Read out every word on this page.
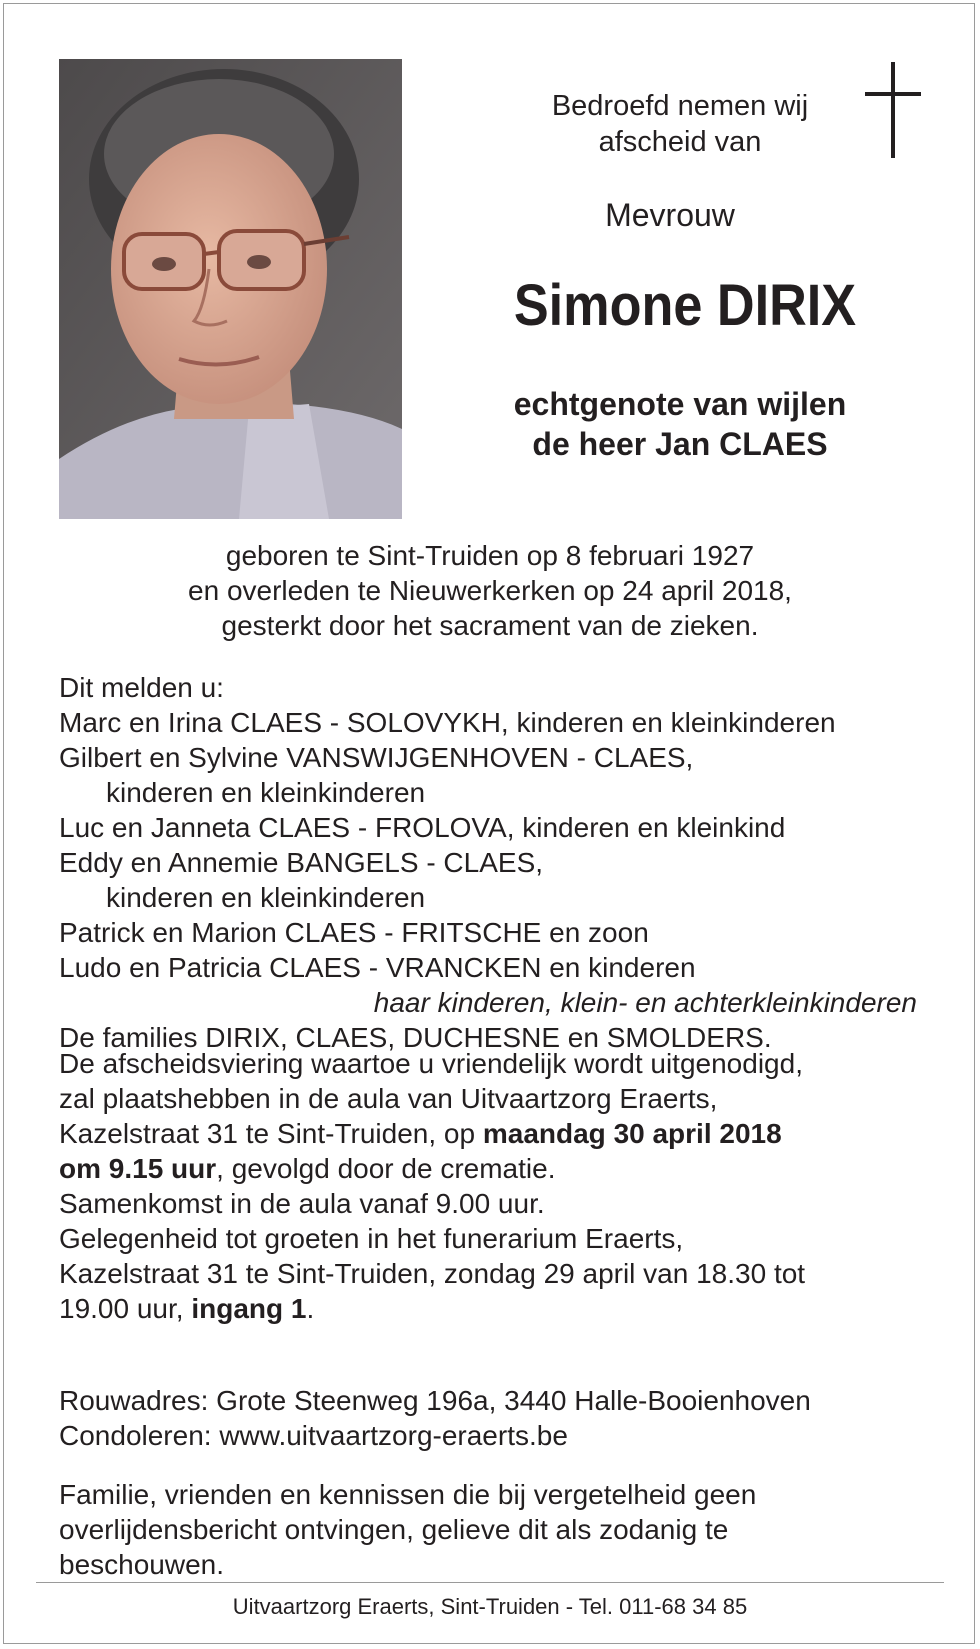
Bedroefd nemen wij
afscheid van
Mevrouw
Simone DIRIX
echtgenote van wijlen
de heer Jan CLAES
geboren te Sint-Truiden op 8 februari 1927
en overleden te Nieuwerkerken op 24 april 2018,
gesterkt door het sacrament van de zieken.
Dit melden u:
Marc en Irina CLAES - SOLOVYKH, kinderen en kleinkinderen
Gilbert en Sylvine VANSWIJGENHOVEN - CLAES,
kinderen en kleinkinderen
Luc en Janneta CLAES - FROLOVA, kinderen en kleinkind
Eddy en Annemie BANGELS - CLAES,
kinderen en kleinkinderen
Patrick en Marion CLAES - FRITSCHE en zoon
Ludo en Patricia CLAES - VRANCKEN en kinderen
haar kinderen, klein- en achterkleinkinderen
De families DIRIX, CLAES, DUCHESNE en SMOLDERS.
De afscheidsviering waartoe u vriendelijk wordt uitgenodigd,
zal plaatshebben in de aula van Uitvaartzorg Eraerts,
Kazelstraat 31 te Sint-Truiden, op maandag 30 april 2018
om 9.15 uur, gevolgd door de crematie.
Samenkomst in de aula vanaf 9.00 uur.
Gelegenheid tot groeten in het funerarium Eraerts,
Kazelstraat 31 te Sint-Truiden, zondag 29 april van 18.30 tot
19.00 uur, ingang 1.
Rouwadres: Grote Steenweg 196a, 3440 Halle-Booienhoven
Condoleren: www.uitvaartzorg-eraerts.be
Familie, vrienden en kennissen die bij vergetelheid geen
overlijdensbericht ontvingen, gelieve dit als zodanig te
beschouwen.
Uitvaartzorg Eraerts, Sint-Truiden - Tel. 011-68 34 85
